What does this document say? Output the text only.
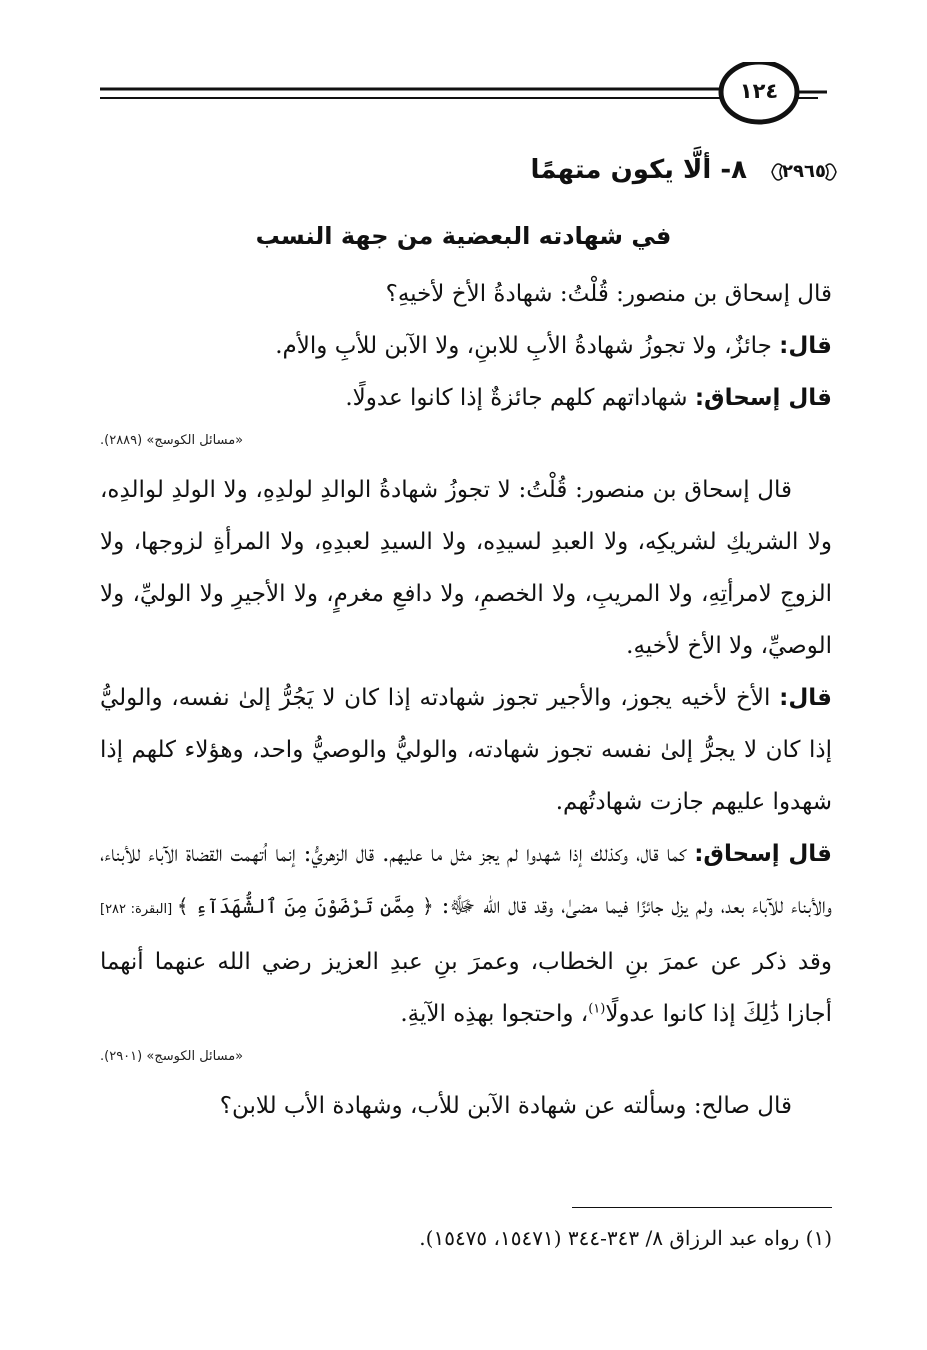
١٢٤
٢٩٦٥
٨- ألَّا يكون متهمًا
في شهادته البعضية من جهة النسب

قال إسحاق بن منصور: قُلْتُ: شهادةُ الأخ لأخيهِ؟

قال: جائزٌ، ولا تجوزُ شهادةُ الأبِ للابنِ، ولا الآبن للأبِ والأم.

قال إسحاق: شهاداتهم كلهم جائزةٌ إذا كانوا عدولًا.

«مسائل الكوسج» (٢٨٨٩).

قال إسحاق بن منصور: قُلْتُ: لا تجوزُ شهادةُ الوالدِ لولدِهِ، ولا الولدِ لوالدِه، ولا الشريكِ لشريكِه، ولا العبدِ لسيدِه، ولا السيدِ لعبدِهِ، ولا المرأةِ لزوجها، ولا الزوجِ لامرأتِهِ، ولا المريبِ، ولا الخصمِ، ولا دافعِ مغرمٍ، ولا الأجيرِ ولا الوليِّ، ولا الوصيِّ، ولا الأخ لأخيهِ.

قال: الأخ لأخيه يجوز، والأجير تجوز شهادته إذا كان لا يَجُرُّ إلىٰ نفسه، والوليُّ إذا كان لا يجرُّ إلىٰ نفسه تجوز شهادته، والوليُّ والوصيُّ واحد، وهؤلاء كلهم إذا شهدوا عليهم جازت شهادتُهم.

قال إسحاق: كما قال، وكذلك إذا شهدوا لم يجز مثل ما عليهم. قال الزهريُّ: إنما اُتهمت القضاة الآباء للأبناء، والأبناء للآباء بعد، ولم يزل جائزًا فيما مضىٰ، وقد قال الله ﷻ: ﴿ مِمَّن تَرْضَوْنَ مِنَ ٱلشُّهَدَآءِ ﴾ [البقرة: ٢٨٢] وقد ذكر عن عمرَ بنِ الخطاب، وعمرَ بنِ عبدِ العزيز رضي الله عنهما أنهما أجازا ذَٰلِكَ إذا كانوا عدولًا$^{(١)}$، واحتجوا بهذِه الآيةِ.

«مسائل الكوسج» (٢٩٠١).

قال صالح: وسألته عن شهادة الآبن للأب، وشهادة الأب للابن؟

(١) رواه عبد الرزاق ٨/ ٣٤٣-٣٤٤ (١٥٤٧١، ١٥٤٧٥).
